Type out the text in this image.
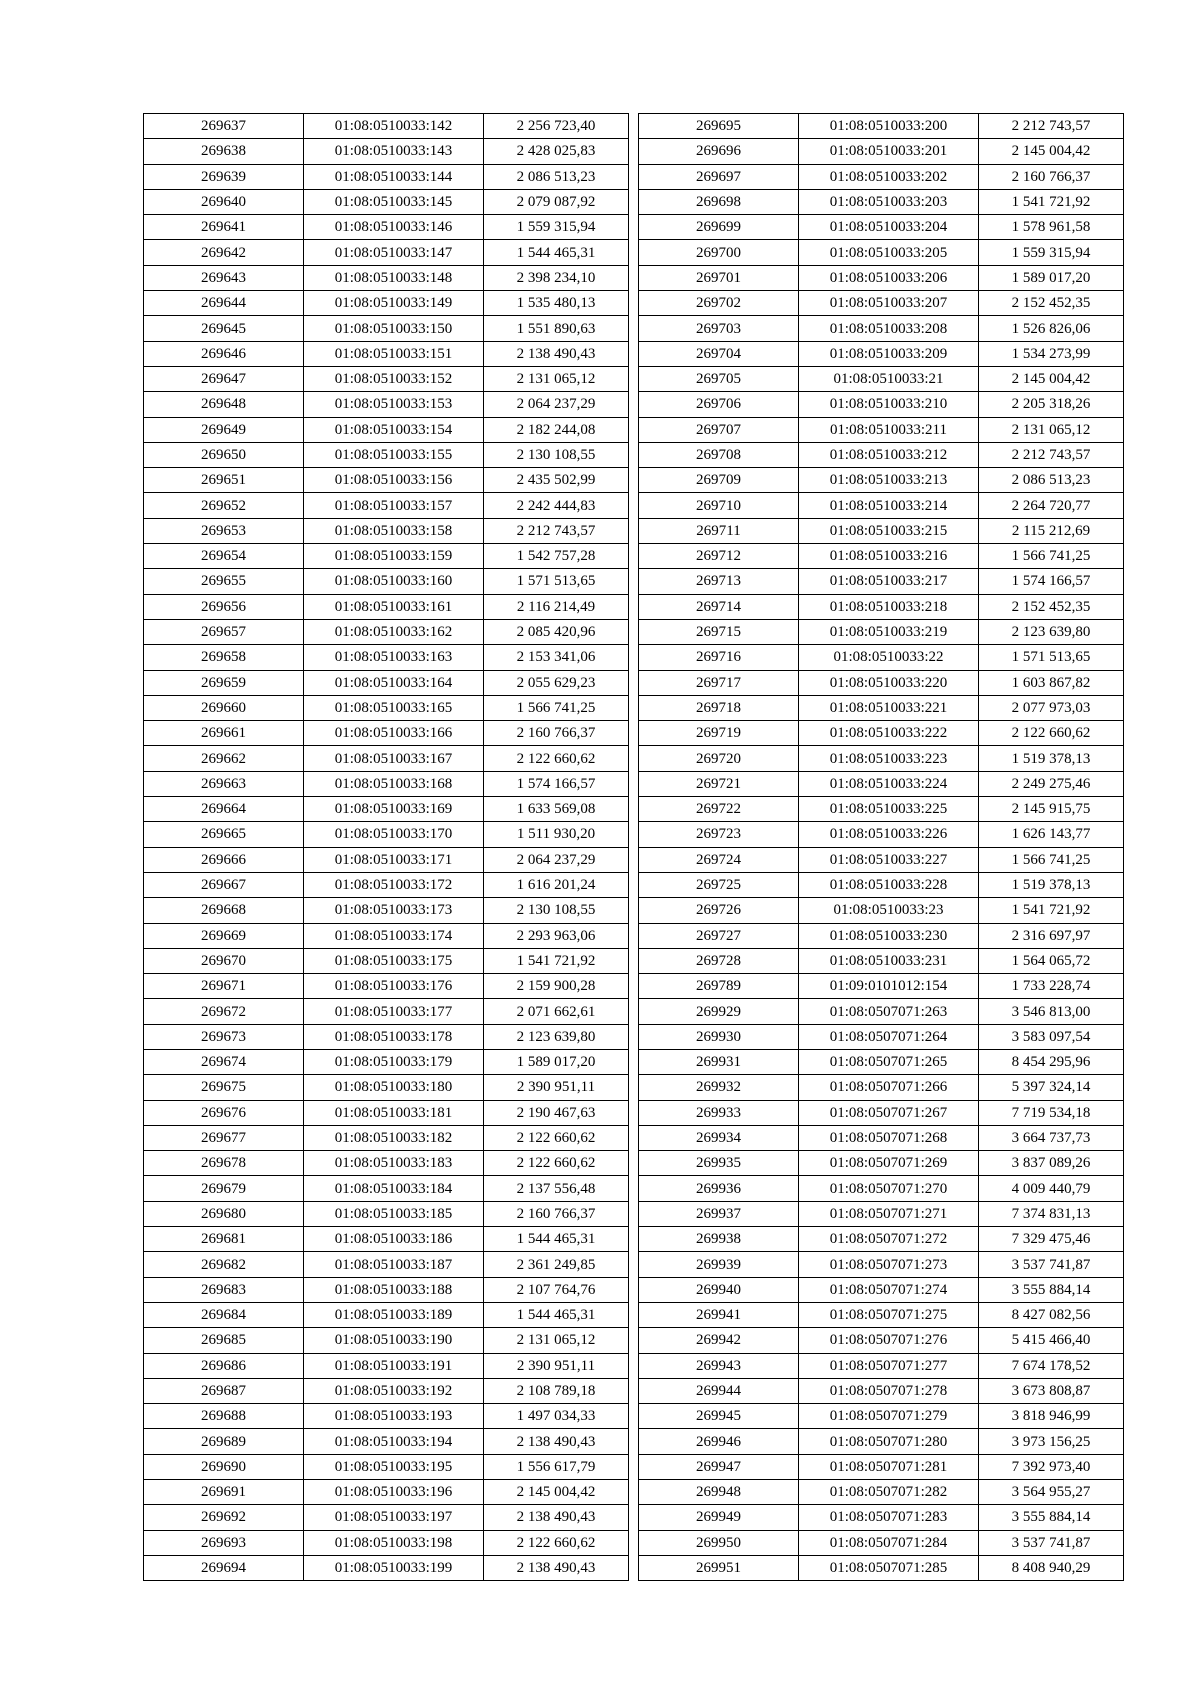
269637	01:08:0510033:142	2 256 723,40
269638	01:08:0510033:143	2 428 025,83
269639	01:08:0510033:144	2 086 513,23
269640	01:08:0510033:145	2 079 087,92
269641	01:08:0510033:146	1 559 315,94
269642	01:08:0510033:147	1 544 465,31
269643	01:08:0510033:148	2 398 234,10
269644	01:08:0510033:149	1 535 480,13
269645	01:08:0510033:150	1 551 890,63
269646	01:08:0510033:151	2 138 490,43
269647	01:08:0510033:152	2 131 065,12
269648	01:08:0510033:153	2 064 237,29
269649	01:08:0510033:154	2 182 244,08
269650	01:08:0510033:155	2 130 108,55
269651	01:08:0510033:156	2 435 502,99
269652	01:08:0510033:157	2 242 444,83
269653	01:08:0510033:158	2 212 743,57
269654	01:08:0510033:159	1 542 757,28
269655	01:08:0510033:160	1 571 513,65
269656	01:08:0510033:161	2 116 214,49
269657	01:08:0510033:162	2 085 420,96
269658	01:08:0510033:163	2 153 341,06
269659	01:08:0510033:164	2 055 629,23
269660	01:08:0510033:165	1 566 741,25
269661	01:08:0510033:166	2 160 766,37
269662	01:08:0510033:167	2 122 660,62
269663	01:08:0510033:168	1 574 166,57
269664	01:08:0510033:169	1 633 569,08
269665	01:08:0510033:170	1 511 930,20
269666	01:08:0510033:171	2 064 237,29
269667	01:08:0510033:172	1 616 201,24
269668	01:08:0510033:173	2 130 108,55
269669	01:08:0510033:174	2 293 963,06
269670	01:08:0510033:175	1 541 721,92
269671	01:08:0510033:176	2 159 900,28
269672	01:08:0510033:177	2 071 662,61
269673	01:08:0510033:178	2 123 639,80
269674	01:08:0510033:179	1 589 017,20
269675	01:08:0510033:180	2 390 951,11
269676	01:08:0510033:181	2 190 467,63
269677	01:08:0510033:182	2 122 660,62
269678	01:08:0510033:183	2 122 660,62
269679	01:08:0510033:184	2 137 556,48
269680	01:08:0510033:185	2 160 766,37
269681	01:08:0510033:186	1 544 465,31
269682	01:08:0510033:187	2 361 249,85
269683	01:08:0510033:188	2 107 764,76
269684	01:08:0510033:189	1 544 465,31
269685	01:08:0510033:190	2 131 065,12
269686	01:08:0510033:191	2 390 951,11
269687	01:08:0510033:192	2 108 789,18
269688	01:08:0510033:193	1 497 034,33
269689	01:08:0510033:194	2 138 490,43
269690	01:08:0510033:195	1 556 617,79
269691	01:08:0510033:196	2 145 004,42
269692	01:08:0510033:197	2 138 490,43
269693	01:08:0510033:198	2 122 660,62
269694	01:08:0510033:199	2 138 490,43
269695	01:08:0510033:200	2 212 743,57
269696	01:08:0510033:201	2 145 004,42
269697	01:08:0510033:202	2 160 766,37
269698	01:08:0510033:203	1 541 721,92
269699	01:08:0510033:204	1 578 961,58
269700	01:08:0510033:205	1 559 315,94
269701	01:08:0510033:206	1 589 017,20
269702	01:08:0510033:207	2 152 452,35
269703	01:08:0510033:208	1 526 826,06
269704	01:08:0510033:209	1 534 273,99
269705	01:08:0510033:21	2 145 004,42
269706	01:08:0510033:210	2 205 318,26
269707	01:08:0510033:211	2 131 065,12
269708	01:08:0510033:212	2 212 743,57
269709	01:08:0510033:213	2 086 513,23
269710	01:08:0510033:214	2 264 720,77
269711	01:08:0510033:215	2 115 212,69
269712	01:08:0510033:216	1 566 741,25
269713	01:08:0510033:217	1 574 166,57
269714	01:08:0510033:218	2 152 452,35
269715	01:08:0510033:219	2 123 639,80
269716	01:08:0510033:22	1 571 513,65
269717	01:08:0510033:220	1 603 867,82
269718	01:08:0510033:221	2 077 973,03
269719	01:08:0510033:222	2 122 660,62
269720	01:08:0510033:223	1 519 378,13
269721	01:08:0510033:224	2 249 275,46
269722	01:08:0510033:225	2 145 915,75
269723	01:08:0510033:226	1 626 143,77
269724	01:08:0510033:227	1 566 741,25
269725	01:08:0510033:228	1 519 378,13
269726	01:08:0510033:23	1 541 721,92
269727	01:08:0510033:230	2 316 697,97
269728	01:08:0510033:231	1 564 065,72
269789	01:09:0101012:154	1 733 228,74
269929	01:08:0507071:263	3 546 813,00
269930	01:08:0507071:264	3 583 097,54
269931	01:08:0507071:265	8 454 295,96
269932	01:08:0507071:266	5 397 324,14
269933	01:08:0507071:267	7 719 534,18
269934	01:08:0507071:268	3 664 737,73
269935	01:08:0507071:269	3 837 089,26
269936	01:08:0507071:270	4 009 440,79
269937	01:08:0507071:271	7 374 831,13
269938	01:08:0507071:272	7 329 475,46
269939	01:08:0507071:273	3 537 741,87
269940	01:08:0507071:274	3 555 884,14
269941	01:08:0507071:275	8 427 082,56
269942	01:08:0507071:276	5 415 466,40
269943	01:08:0507071:277	7 674 178,52
269944	01:08:0507071:278	3 673 808,87
269945	01:08:0507071:279	3 818 946,99
269946	01:08:0507071:280	3 973 156,25
269947	01:08:0507071:281	7 392 973,40
269948	01:08:0507071:282	3 564 955,27
269949	01:08:0507071:283	3 555 884,14
269950	01:08:0507071:284	3 537 741,87
269951	01:08:0507071:285	8 408 940,29
